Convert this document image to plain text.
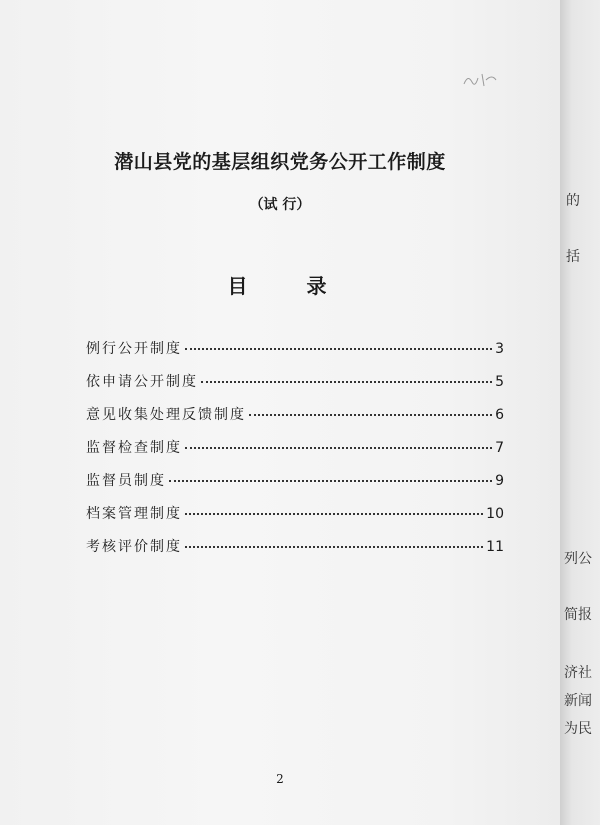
潜山县党的基层组织党务公开工作制度
（试 行）
目 录
例行公开制度	3
依申请公开制度	5
意见收集处理反馈制度	6
监督检查制度	7
监督员制度	9
档案管理制度	10
考核评价制度	11
2
的
括
列公
简报
济社
新闻
为民
